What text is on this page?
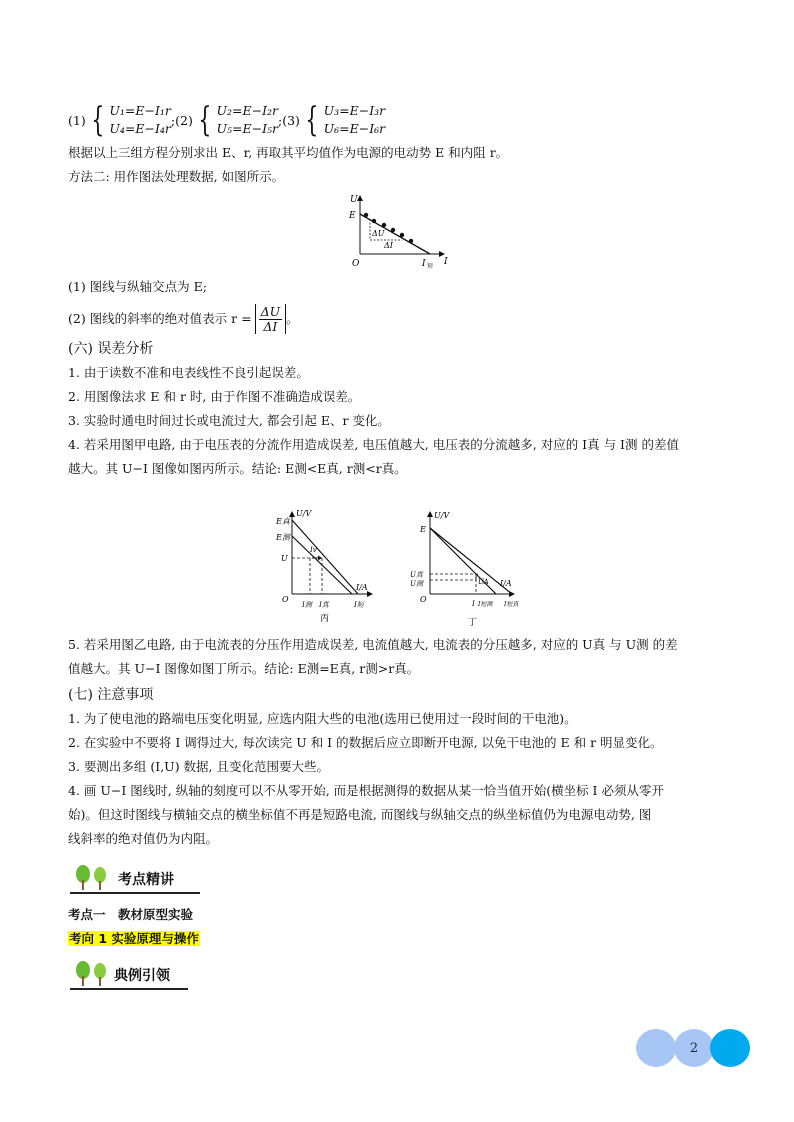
(1) { U₁=E−I₁r
U₄=E−I₄r
;(2) { U₂=E−I₂r
U₅=E−I₅r
;(3) { U₃=E−I₃r
U₆=E−I₆r
根据以上三组方程分别求出 E、r, 再取其平均值作为电源的电动势 E 和内阻 r。
方法二: 用作图法处理数据, 如图所示。
U
E
O
ΔU
ΔI
I 短 I
(1) 图线与纵轴交点为 E;
(2) 图线的斜率的绝对值表示 $r = \frac{\Delta U}{\Delta I}$ 。
(六) 误差分析
1. 由于读数不准和电表线性不良引起误差。
2. 用图像法求 E 和 r 时, 由于作图不准确造成误差。
3. 实验时通电时间过长或电流过大, 都会引起 E、r 变化。
4. 若采用图甲电路, 由于电压表的分流作用造成误差, 电压值越大, 电压表的分流越多, 对应的 I真 与 I测 的差值
越大。其 U−I 图像如图丙所示。结论: E测<E真, r测<r真。
E真
E测
U
U/V
Iv
O
I测 I真	I短
I/A
丙
U/V
E
U真
U测	UA I/A
O	I I短测 I短真
丁
5. 若采用图乙电路, 由于电流表的分压作用造成误差, 电流值越大, 电流表的分压越多, 对应的 U真 与 U测 的差
值越大。其 U−I 图像如图丁所示。结论: E测=E真, r测>r真。
(七) 注意事项
1. 为了使电池的路端电压变化明显, 应选内阻大些的电池(选用已使用过一段时间的干电池)。
2. 在实验中不要将 I 调得过大, 每次读完 U 和 I 的数据后应立即断开电源, 以免干电池的 E 和 r 明显变化。
3. 要测出多组 (I,U) 数据, 且变化范围要大些。
4. 画 U−I 图线时, 纵轴的刻度可以不从零开始, 而是根据测得的数据从某一恰当值开始(横坐标 I 必须从零开
始)。但这时图线与横轴交点的横坐标值不再是短路电流, 而图线与纵轴交点的纵坐标值仍为电源电动势, 图
线斜率的绝对值仍为内阻。
考点精讲
考点一　教材原型实验
考向 1 实验原理与操作
典例引领
2
